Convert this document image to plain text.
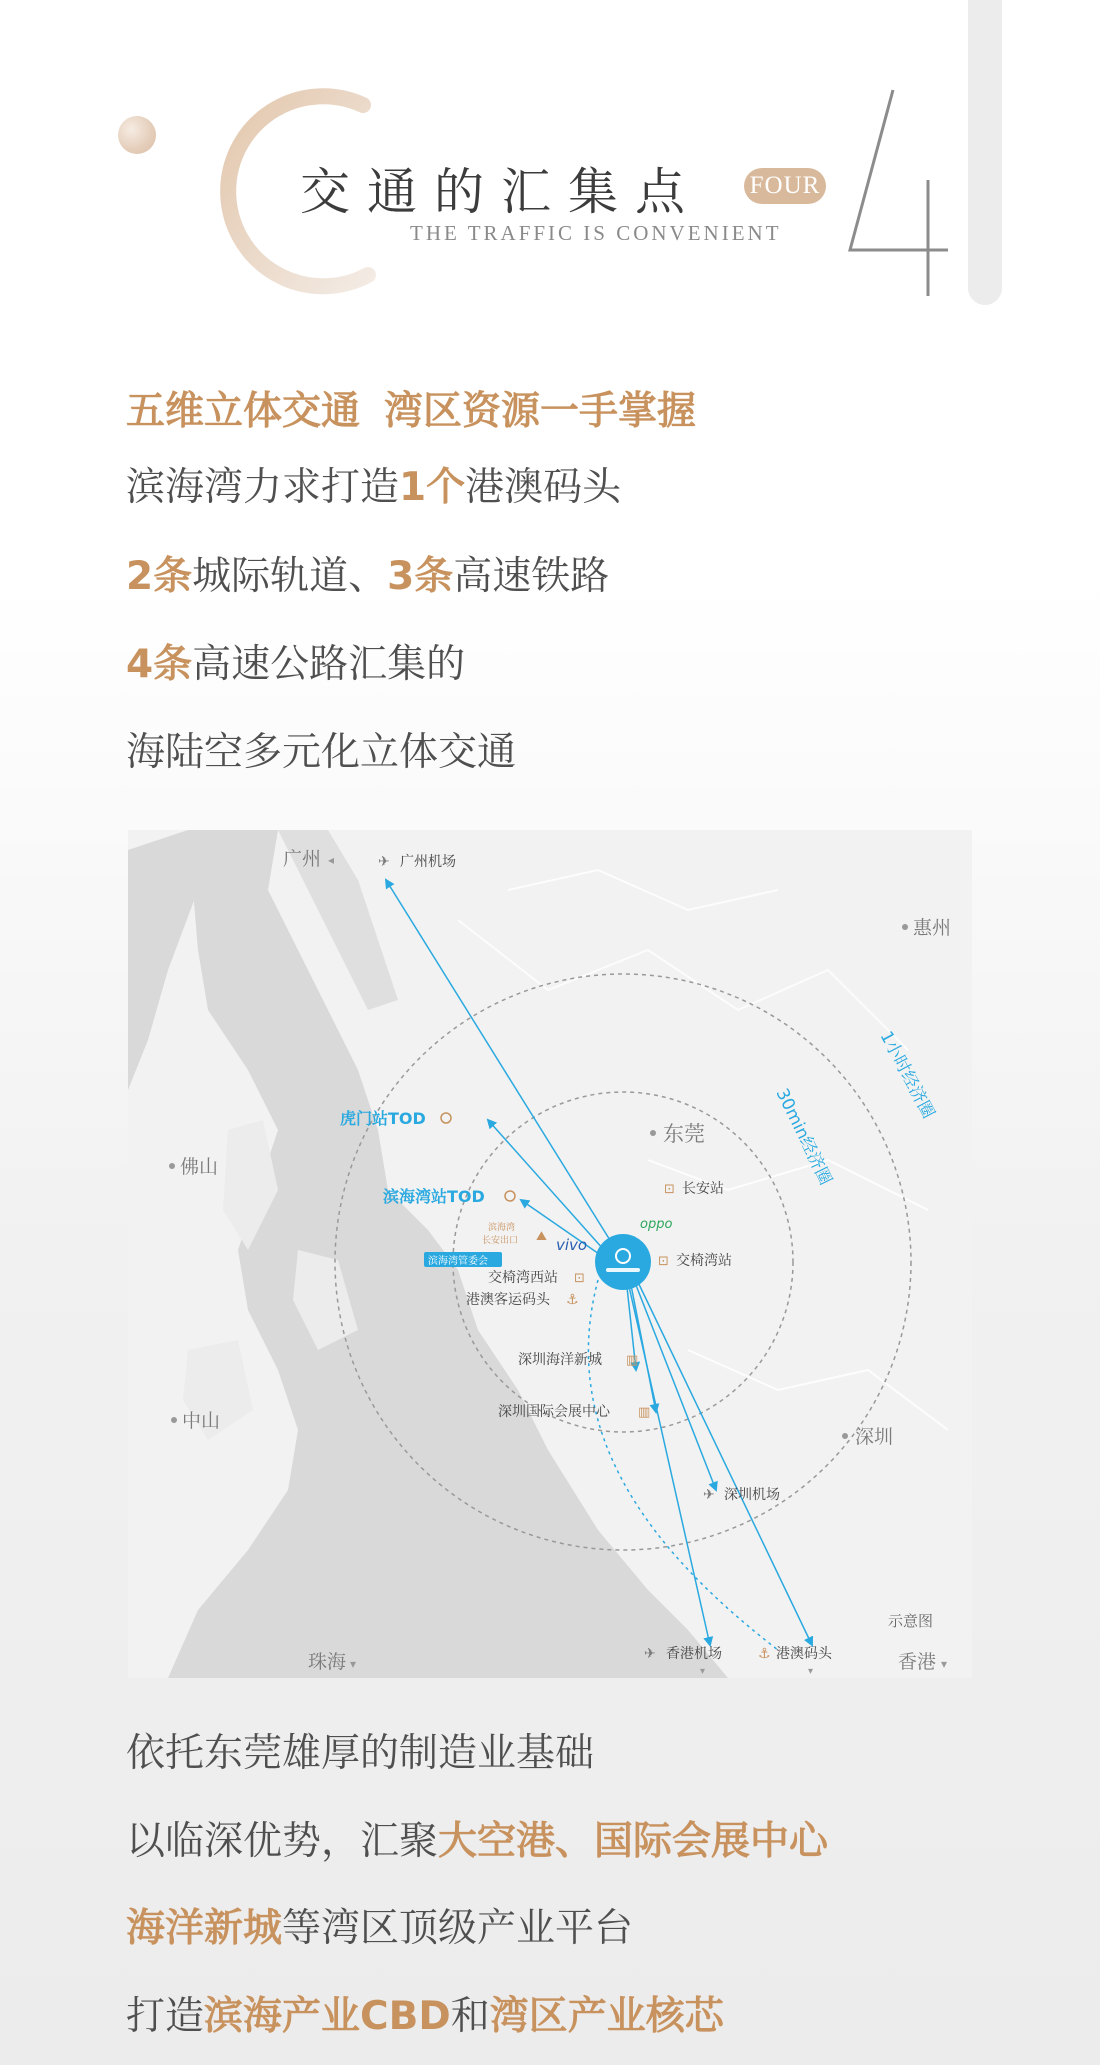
交通的汇集点 FOUR
THE TRAFFIC IS CONVENIENT
五维立体交通 湾区资源一手掌握
滨海湾力求打造1个港澳码头
2条城际轨道、3条高速铁路
4条高速公路汇集的
海陆空多元化立体交通
1小时经济圈
30min经济圈
广州 ◂
惠州
佛山
东莞
中山
深圳
珠海 ▾	香港 ▾
✈ 广州机场
虎门站TOD
滨海湾站TOD
滨海湾
长安出口 ⛰
滨海湾管委会
vivo
oppo
⊡ 长安站
交椅湾西站 ⊡
⊡ 交椅湾站
港澳客运码头 ⚓
深圳海洋新城 ▥
深圳国际会展中心 ▥
✈ 深圳机场
✈ 香港机场
▾
⚓ 港澳码头
▾
示意图
依托东莞雄厚的制造业基础
以临深优势，汇聚大空港、国际会展中心
海洋新城等湾区顶级产业平台
打造滨海产业CBD和湾区产业核芯
